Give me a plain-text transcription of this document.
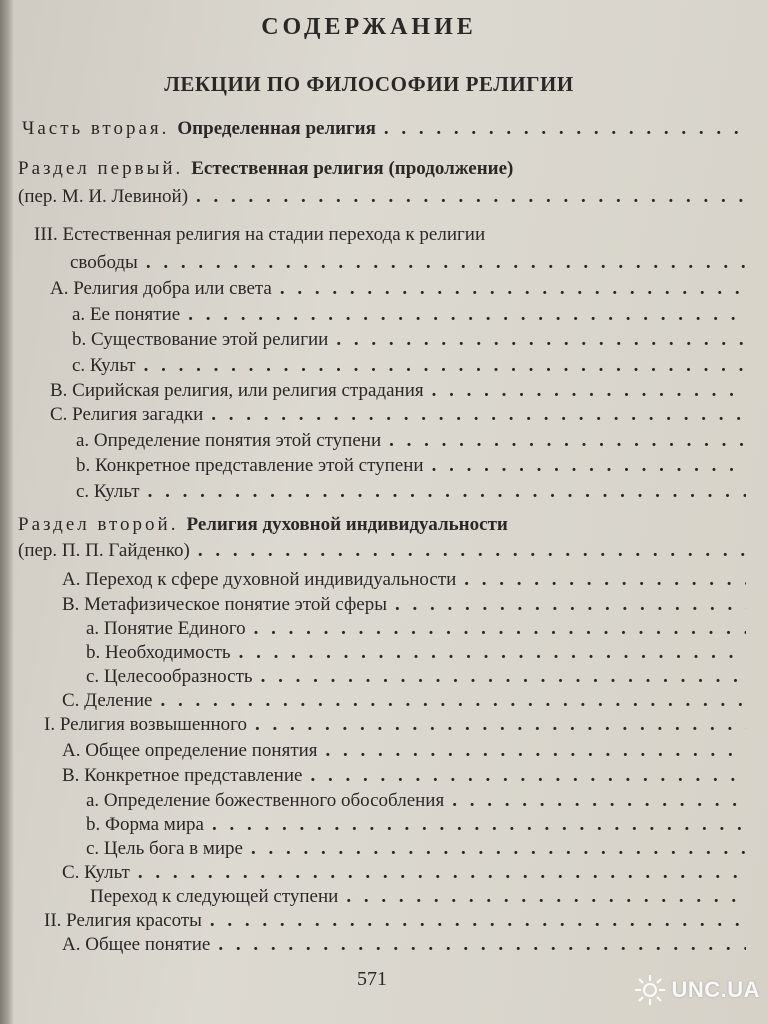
СОДЕРЖАНИЕ
ЛЕКЦИИ ПО ФИЛОСОФИИ РЕЛИГИИ
Часть вторая. Определенная религия
. . .
Раздел первый. Естественная религия (продолжение)
(пер. М. И. Левиной)
. . .
III. Естественная религия на стадии перехода к религии
свободы
. . .
A. Религия добра или света
. . .
a. Ее понятие
. . .
b. Существование этой религии
. . .
c. Культ
. . .
B. Сирийская религия, или религия страдания
. . .
C. Религия загадки
. . .
a. Определение понятия этой ступени
. . .
b. Конкретное представление этой ступени
. . .
c. Культ
. . .
Раздел второй. Религия духовной индивидуальности
(пер. П. П. Гайденко)
. . .
A. Переход к сфере духовной индивидуальности
. . .
B. Метафизическое понятие этой сферы
. . .
a. Понятие Единого
. . .
b. Необходимость
. . .
c. Целесообразность
. . .
C. Деление
. . .
I. Религия возвышенного
. . .
A. Общее определение понятия
. . .
B. Конкретное представление
. . .
a. Определение божественного обособления
. . .
b. Форма мира
. . .
c. Цель бога в мире
. . .
C. Культ
. . .
Переход к следующей ступени
. . .
II. Религия красоты
. . .
A. Общее понятие
. . .
571	UNC.UA
